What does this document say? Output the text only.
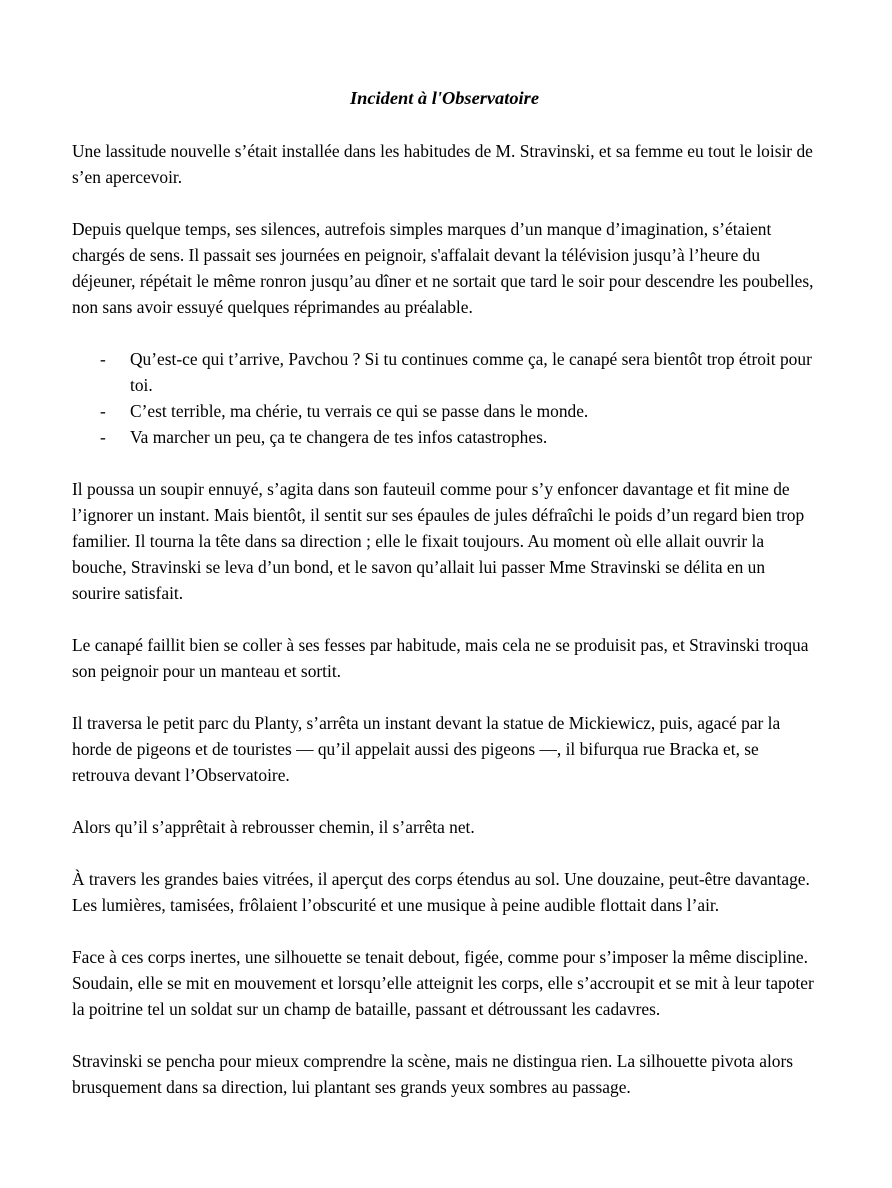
Incident à l'Observatoire

Une lassitude nouvelle s’était installée dans les habitudes de M. Stravinski, et sa femme eu tout le loisir de s’en apercevoir.

Depuis quelque temps, ses silences, autrefois simples marques d’un manque d’imagination, s’étaient chargés de sens. Il passait ses journées en peignoir, s'affalait devant la télévision jusqu’à l’heure du déjeuner, répétait le même ronron jusqu’au dîner et ne sortait que tard le soir pour descendre les poubelles, non sans avoir essuyé quelques réprimandes au préalable.

- Qu’est-ce qui t’arrive, Pavchou ? Si tu continues comme ça, le canapé sera bientôt trop étroit pour toi.
- C’est terrible, ma chérie, tu verrais ce qui se passe dans le monde.
- Va marcher un peu, ça te changera de tes infos catastrophes.

Il poussa un soupir ennuyé, s’agita dans son fauteuil comme pour s’y enfoncer davantage et fit mine de l’ignorer un instant. Mais bientôt, il sentit sur ses épaules de jules défraîchi le poids d’un regard bien trop familier. Il tourna la tête dans sa direction ; elle le fixait toujours. Au moment où elle allait ouvrir la bouche, Stravinski se leva d’un bond, et le savon qu’allait lui passer Mme Stravinski se délita en un sourire satisfait.

Le canapé faillit bien se coller à ses fesses par habitude, mais cela ne se produisit pas, et Stravinski troqua son peignoir pour un manteau et sortit.

Il traversa le petit parc du Planty, s’arrêta un instant devant la statue de Mickiewicz, puis, agacé par la horde de pigeons et de touristes — qu’il appelait aussi des pigeons —, il bifurqua rue Bracka et, se retrouva devant l’Observatoire.

Alors qu’il s’apprêtait à rebrousser chemin, il s’arrêta net.

À travers les grandes baies vitrées, il aperçut des corps étendus au sol. Une douzaine, peut-être davantage. Les lumières, tamisées, frôlaient l’obscurité et une musique à peine audible flottait dans l’air.

Face à ces corps inertes, une silhouette se tenait debout, figée, comme pour s’imposer la même discipline. Soudain, elle se mit en mouvement et lorsqu’elle atteignit les corps, elle s’accroupit et se mit à leur tapoter la poitrine tel un soldat sur un champ de bataille, passant et détroussant les cadavres.

Stravinski se pencha pour mieux comprendre la scène, mais ne distingua rien. La silhouette pivota alors brusquement dans sa direction, lui plantant ses grands yeux sombres au passage.
